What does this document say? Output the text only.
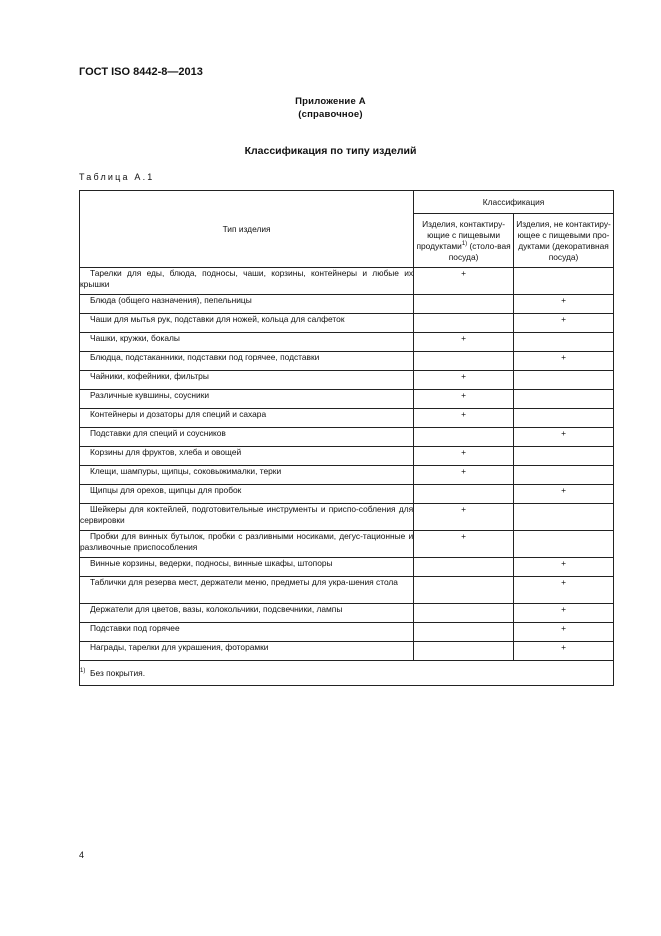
ГОСТ ISO 8442-8—2013
Приложение А
(справочное)
Классификация по типу изделий
Таблица А.1
Тип изделия	Классификация	
	Изделия, контактиру-ющие с пищевыми продуктами$^{1)}$ (столо-вая посуда)	Изделия, не контактиру-ющее с пищевыми про-дуктами (декоративная посуда)

Тарелки для еды, блюда, подносы, чаши, корзины, контейнеры и любые их крышки	+	

Блюда (общего назначения), пепельницы		+

Чаши для мытья рук, подставки для ножей, кольца для салфеток		+

Чашки, кружки, бокалы	+	

Блюдца, подстаканники, подставки под горячее, подставки		+

Чайники, кофейники, фильтры	+	

Различные кувшины, соусники	+	

Контейнеры и дозаторы для специй и сахара	+	

Подставки для специй и соусников		+

Корзины для фруктов, хлеба и овощей	+	

Клещи, шампуры, щипцы, соковыжималки, терки	+	

Щипцы для орехов, щипцы для пробок		+

Шейкеры для коктейлей, подготовительные инструменты и приспо-собления для сервировки	+	

Пробки для винных бутылок, пробки с разливными носиками, дегус-тационные и разливочные приспособления	+	

Винные корзины, ведерки, подносы, винные шкафы, штопоры		+

Таблички для резерва мест, держатели меню, предметы для укра-шения стола		+

Держатели для цветов, вазы, колокольчики, подсвечники, лампы		+

Подставки под горячее		+

Награды, тарелки для украшения, фоторамки		+
$^{1)}$ Без покрытия.		
4
